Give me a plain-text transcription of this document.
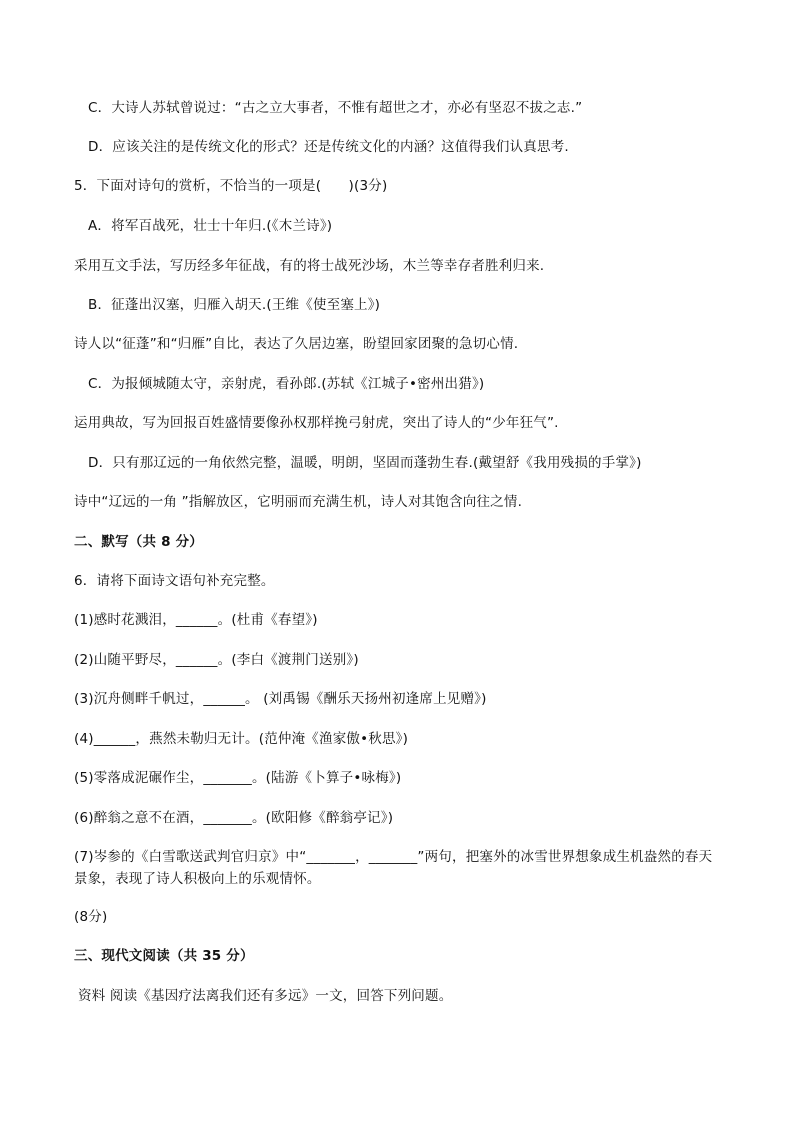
C．大诗人苏轼曾说过：“古之立大事者，不惟有超世之才，亦必有坚忍不拔之志.”
D．应该关注的是传统文化的形式？还是传统文化的内涵？这值得我们认真思考.
5．下面对诗句的赏析，不恰当的一项是(　　)(3分)
A．将军百战死，壮士十年归.(《木兰诗》)
采用互文手法，写历经多年征战，有的将士战死沙场，木兰等幸存者胜利归来.
B．征蓬出汉塞，归雁入胡天.(王维《使至塞上》)
诗人以“征蓬”和“归雁”自比，表达了久居边塞，盼望回家团聚的急切心情.
C．为报倾城随太守，亲射虎，看孙郎.(苏轼《江城子•密州出猎》)
运用典故，写为回报百姓盛情要像孙权那样挽弓射虎，突出了诗人的“少年狂气”.
D．只有那辽远的一角依然完整，温暖，明朗，坚固而蓬勃生春.(戴望舒《我用残损的手掌》)
诗中“辽远的一角 ”指解放区，它明丽而充满生机，诗人对其饱含向往之情.
二、默写（共 8 分）
6．请将下面诗文语句补充完整。
(1)感时花溅泪，______。(杜甫《春望》)
(2)山随平野尽，______。(李白《渡荆门送别》)
(3)沉舟侧畔千帆过，______。 (刘禹锡《酬乐天扬州初逢席上见赠》)
(4)______，燕然未勒归无计。(范仲淹《渔家傲•秋思》)
(5)零落成泥碾作尘，_______。(陆游《卜算子•咏梅》)
(6)醉翁之意不在酒，_______。(欧阳修《醉翁亭记》)
(7)岑参的《白雪歌送武判官归京》中“_______，_______”两句，把塞外的冰雪世界想象成生机盎然的春天景象，表现了诗人积极向上的乐观情怀。
(8分)
三、现代文阅读（共 35 分）
资料 阅读《基因疗法离我们还有多远》一文，回答下列问题。
